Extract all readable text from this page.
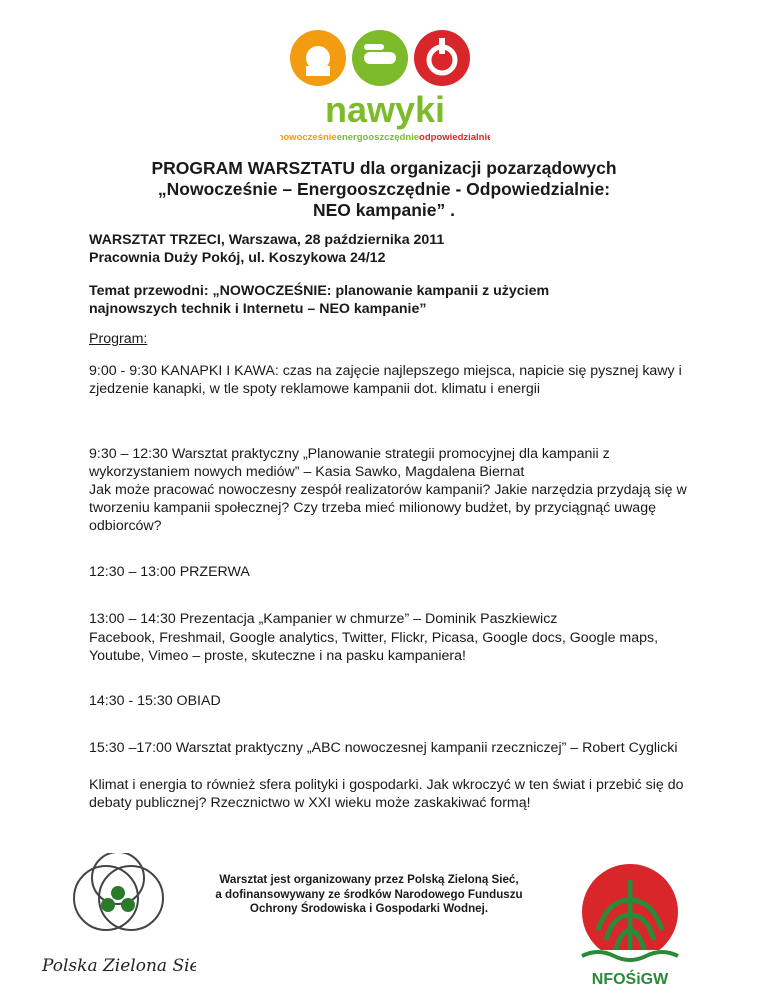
nawyki
nowocześnieenergooszczędnieodpowiedzialnie
PROGRAM WARSZTATU dla organizacji pozarządowych
„Nowocześnie – Energooszczędnie - Odpowiedzialnie:
NEO kampanie” .
WARSZTAT TRZECI, Warszawa, 28 października 2011
Pracownia Duży Pokój, ul. Koszykowa 24/12
Temat przewodni: „NOWOCZEŚNIE: planowanie kampanii z użyciem
najnowszych technik i Internetu – NEO kampanie”
Program:
9:00 - 9:30 KANAPKI I KAWA: czas na zajęcie najlepszego miejsca, napicie się pysznej kawy i zjedzenie kanapki, w tle spoty reklamowe kampanii dot. klimatu i energii
9:30 – 12:30 Warsztat praktyczny „Planowanie strategii promocyjnej dla kampanii z wykorzystaniem nowych mediów” – Kasia Sawko, Magdalena Biernat
Jak może pracować nowoczesny zespół realizatorów kampanii? Jakie narzędzia przydają się w tworzeniu kampanii społecznej? Czy trzeba mieć milionowy budżet, by przyciągnąć uwagę odbiorców?
12:30 – 13:00 PRZERWA
13:00 – 14:30 Prezentacja „Kampanier w chmurze” – Dominik Paszkiewicz
Facebook, Freshmail, Google analytics, Twitter, Flickr, Picasa, Google docs, Google maps, Youtube, Vimeo – proste, skuteczne i na pasku kampaniera!
14:30 - 15:30 OBIAD
15:30 –17:00 Warsztat praktyczny „ABC nowoczesnej kampanii rzeczniczej” – Robert Cyglicki
Klimat i energia to również sfera polityki i gospodarki. Jak wkroczyć w ten świat i przebić się do debaty publicznej? Rzecznictwo w XXI wieku może zaskakiwać formą!
Warsztat jest organizowany przez Polską Zieloną Sieć,
a dofinansowywany ze środków Narodowego Funduszu
Ochrony Środowiska i Gospodarki Wodnej.
Polska Zielona Sieć
NFOŚiGW
